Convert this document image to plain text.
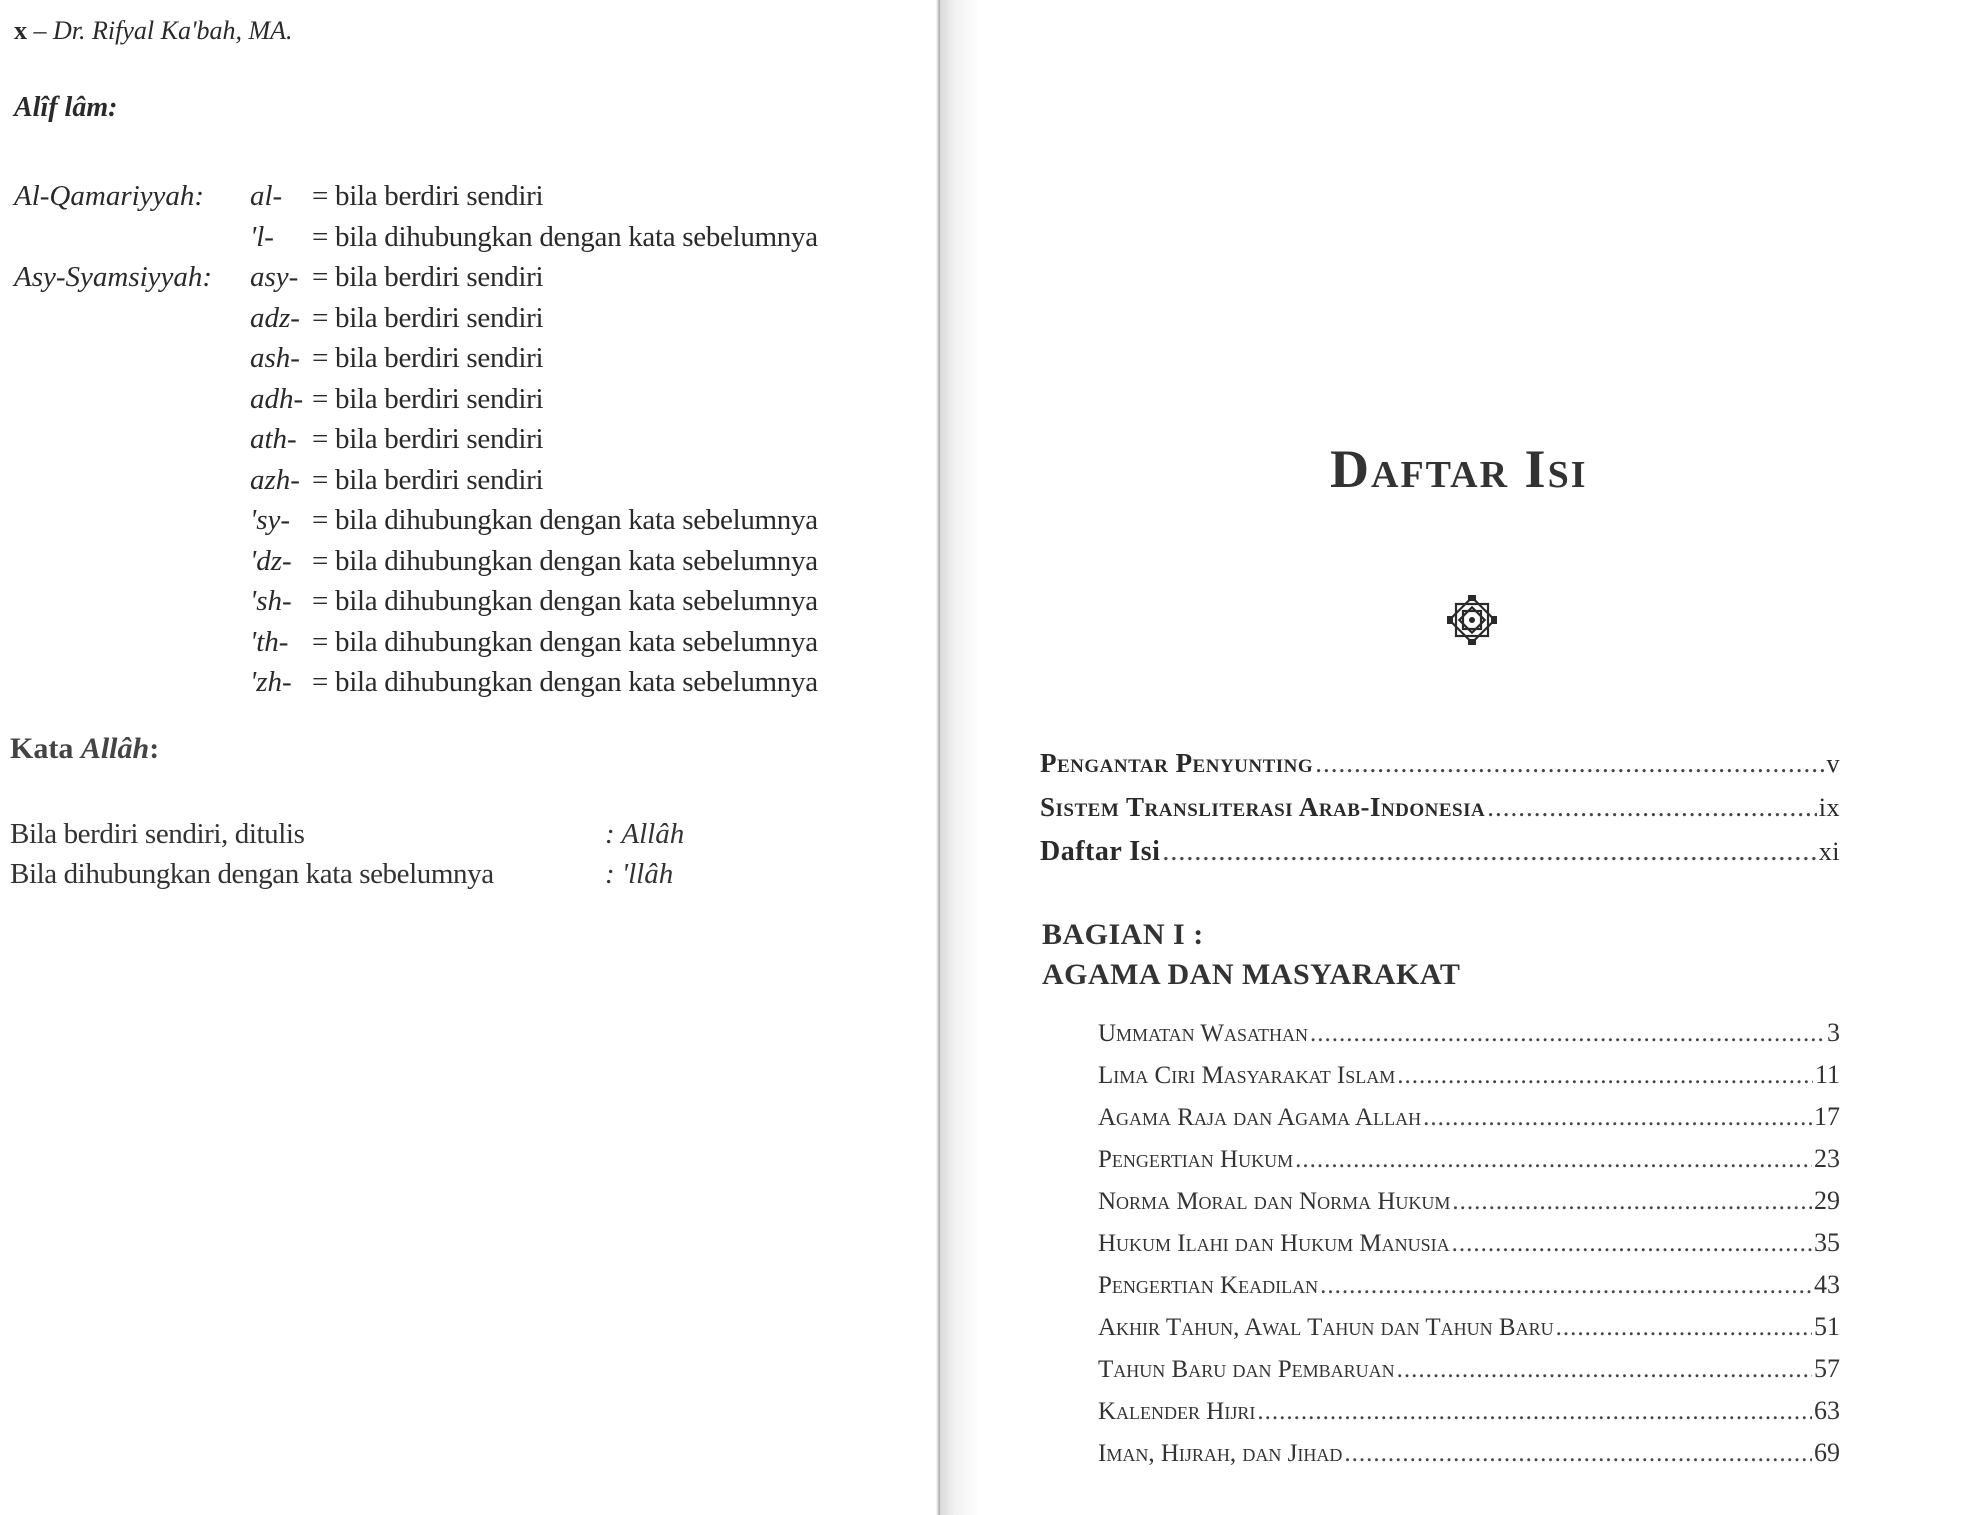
x – Dr. Rifyal Ka'bah, MA.
Alîf lâm:
Al-Qamariyyah: al- = bila berdiri sendiri
'l- = bila dihubungkan dengan kata sebelumnya
Asy-Syamsiyyah: asy- = bila berdiri sendiri
adz- = bila berdiri sendiri
ash- = bila berdiri sendiri
adh- = bila berdiri sendiri
ath- = bila berdiri sendiri
azh- = bila berdiri sendiri
'sy- = bila dihubungkan dengan kata sebelumnya
'dz- = bila dihubungkan dengan kata sebelumnya
'sh- = bila dihubungkan dengan kata sebelumnya
'th- = bila dihubungkan dengan kata sebelumnya
'zh- = bila dihubungkan dengan kata sebelumnya
Kata Allâh:
Bila berdiri sendiri, ditulis	: Allâh
Bila dihubungkan dengan kata sebelumnya	: 'llâh
Daftar Isi
Pengantar Penyunting .....	v
Sistem Transliterasi Arab-Indonesia .....	ix
Daftar Isi .....	xi
BAGIAN I :
AGAMA DAN MASYARAKAT
Ummatan Wasathan .....	3
Lima Ciri Masyarakat Islam .....	11
Agama Raja dan Agama Allah .....	17
Pengertian Hukum .....	23
Norma Moral dan Norma Hukum .....	29
Hukum Ilahi dan Hukum Manusia .....	35
Pengertian Keadilan .....	43
Akhir Tahun, Awal Tahun dan Tahun Baru .....	51
Tahun Baru dan Pembaruan .....	57
Kalender Hijri .....	63
Iman, Hijrah, dan Jihad .....	69
